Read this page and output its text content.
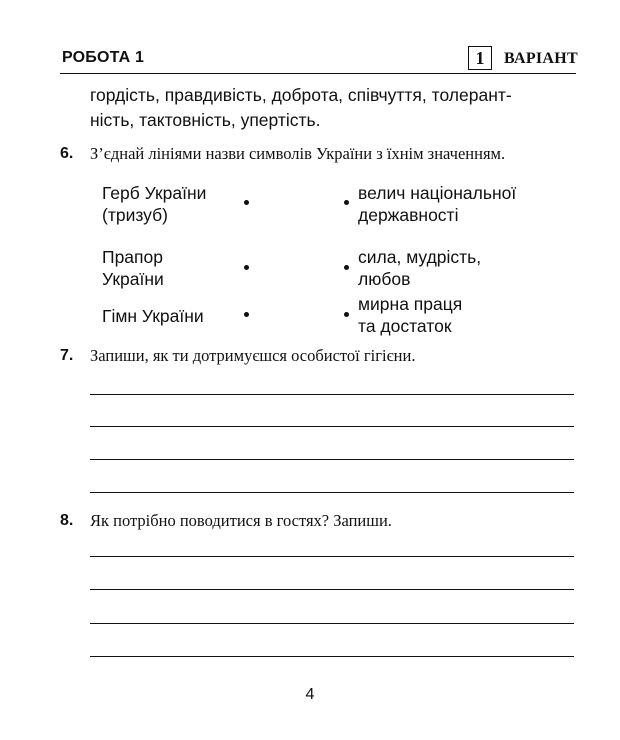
РОБОТА 1	1	ВАРІАНТ
гордість, правдивість, доброта, співчуття, толерант-
ність, тактовність, упертість.
6. З’єднай лініями назви символів України з їхнім значенням.
Герб України
(тризуб)
Прапор
України
Гімн України
велич національної
державності
сила, мудрість,
любов
мирна праця
та достаток
7. Запиши, як ти дотримуєшся особистої гігієни.
8. Як потрібно поводитися в гостях? Запиши.
4
